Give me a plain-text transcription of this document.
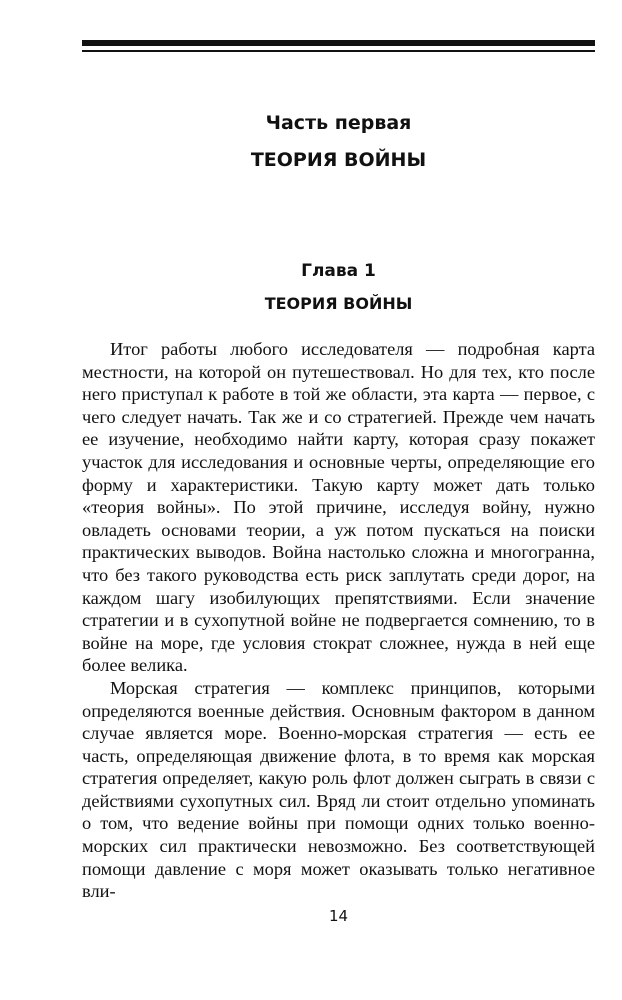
Часть первая
ТЕОРИЯ ВОЙНЫ
Глава 1
ТЕОРИЯ ВОЙНЫ

Итог работы любого исследователя — подробная карта местности, на которой он путешествовал. Но для тех, кто после него приступал к работе в той же области, эта карта — первое, с чего следует начать. Так же и со стратегией. Прежде чем начать ее изучение, необходимо найти карту, которая сразу покажет участок для исследования и основные черты, определяющие его форму и характеристики. Такую карту может дать только «теория войны». По этой причине, исследуя войну, нужно овладеть основами теории, а уж потом пускаться на поиски практических выводов. Война настолько сложна и многогранна, что без такого руководства есть риск заплутать среди дорог, на каждом шагу изобилующих препятствиями. Если значение стратегии и в сухопутной войне не подвергается сомнению, то в войне на море, где условия стократ сложнее, нужда в ней еще более велика.

Морская стратегия — комплекс принципов, которыми определяются военные действия. Основным фактором в данном случае является море. Военно-морская стратегия — есть ее часть, определяющая движение флота, в то время как морская стратегия определяет, какую роль флот должен сыграть в связи с действиями сухопутных сил. Вряд ли стоит отдельно упоминать о том, что ведение войны при помощи одних только военно-морских сил практически невозможно. Без соответствующей помощи давление с моря может оказывать только негативное вли-

14
